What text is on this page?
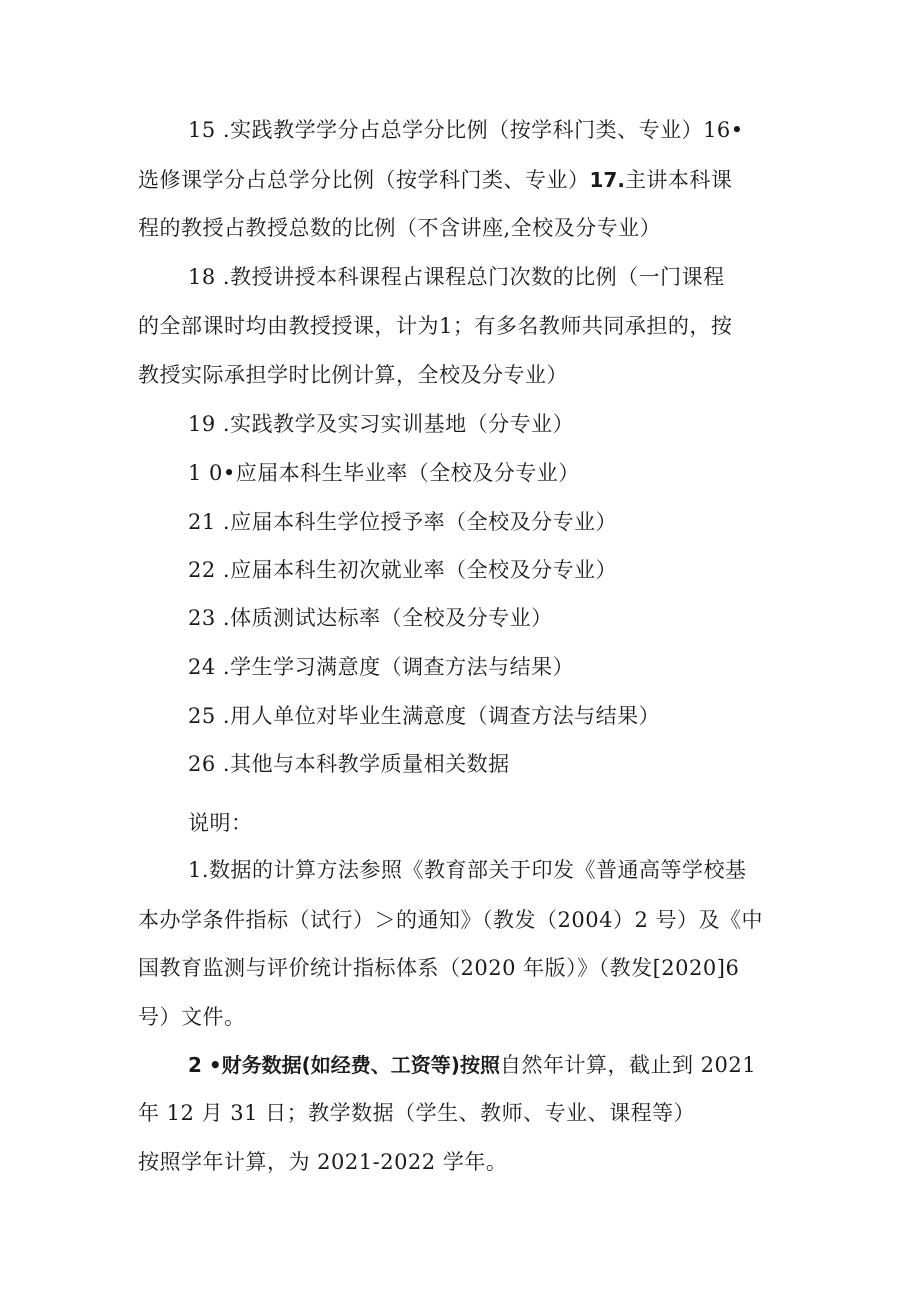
15 .实践教学学分占总学分比例（按学科门类、专业）16•
选修课学分占总学分比例（按学科门类、专业）17.主讲本科课
程的教授占教授总数的比例（不含讲座,全校及分专业）
18 .教授讲授本科课程占课程总门次数的比例（一门课程
的全部课时均由教授授课，计为1；有多名教师共同承担的，按
教授实际承担学时比例计算，全校及分专业）
19 .实践教学及实习实训基地（分专业）
1 0•应届本科生毕业率（全校及分专业）
21 .应届本科生学位授予率（全校及分专业）
22 .应届本科生初次就业率（全校及分专业）
23 .体质测试达标率（全校及分专业）
24 .学生学习满意度（调查方法与结果）
25 .用人单位对毕业生满意度（调查方法与结果）
26 .其他与本科教学质量相关数据
说明：
1.数据的计算方法参照《教育部关于印发《普通高等学校基
本办学条件指标（试行）＞的通知》（教发（2004）2 号）及《中
国教育监测与评价统计指标体系（2020 年版）》（教发[2020]6
号）文件。
2 •财务数据(如经费、工资等)按照自然年计算，截止到 2021
年 12 月 31 日；教学数据（学生、教师、专业、课程等）
按照学年计算，为 2021-2022 学年。
